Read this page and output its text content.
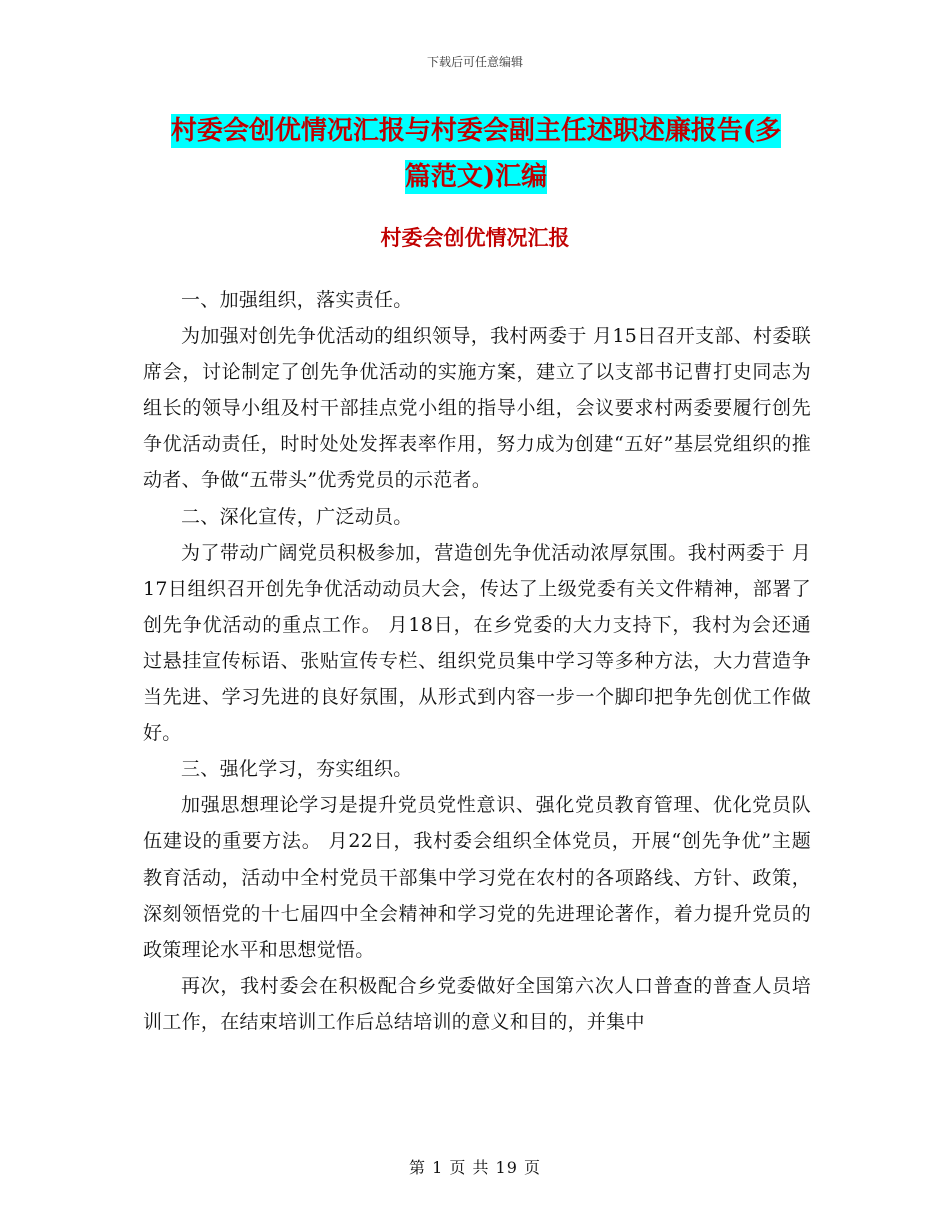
下载后可任意编辑
村委会创优情况汇报与村委会副主任述职述廉报告(多
篇范文)汇编
村委会创优情况汇报

一、加强组织，落实责任。

为加强对创先争优活动的组织领导，我村两委于 月15日召开支部、村委联席会，讨论制定了创先争优活动的实施方案，建立了以支部书记曹打史同志为组长的领导小组及村干部挂点党小组的指导小组，会议要求村两委要履行创先争优活动责任，时时处处发挥表率作用，努力成为创建“五好”基层党组织的推动者、争做“五带头”优秀党员的示范者。

二、深化宣传，广泛动员。

为了带动广阔党员积极参加，营造创先争优活动浓厚氛围。我村两委于 月17日组织召开创先争优活动动员大会，传达了上级党委有关文件精神，部署了创先争优活动的重点工作。 月18日，在乡党委的大力支持下，我村为会还通过悬挂宣传标语、张贴宣传专栏、组织党员集中学习等多种方法，大力营造争当先进、学习先进的良好氛围，从形式到内容一步一个脚印把争先创优工作做好。

三、强化学习，夯实组织。

加强思想理论学习是提升党员党性意识、强化党员教育管理、优化党员队伍建设的重要方法。 月22日，我村委会组织全体党员，开展“创先争优”主题教育活动，活动中全村党员干部集中学习党在农村的各项路线、方针、政策，深刻领悟党的十七届四中全会精神和学习党的先进理论著作，着力提升党员的政策理论水平和思想觉悟。

再次，我村委会在积极配合乡党委做好全国第六次人口普查的普查人员培训工作，在结束培训工作后总结培训的意义和目的，并集中

第 1 页 共 19 页
